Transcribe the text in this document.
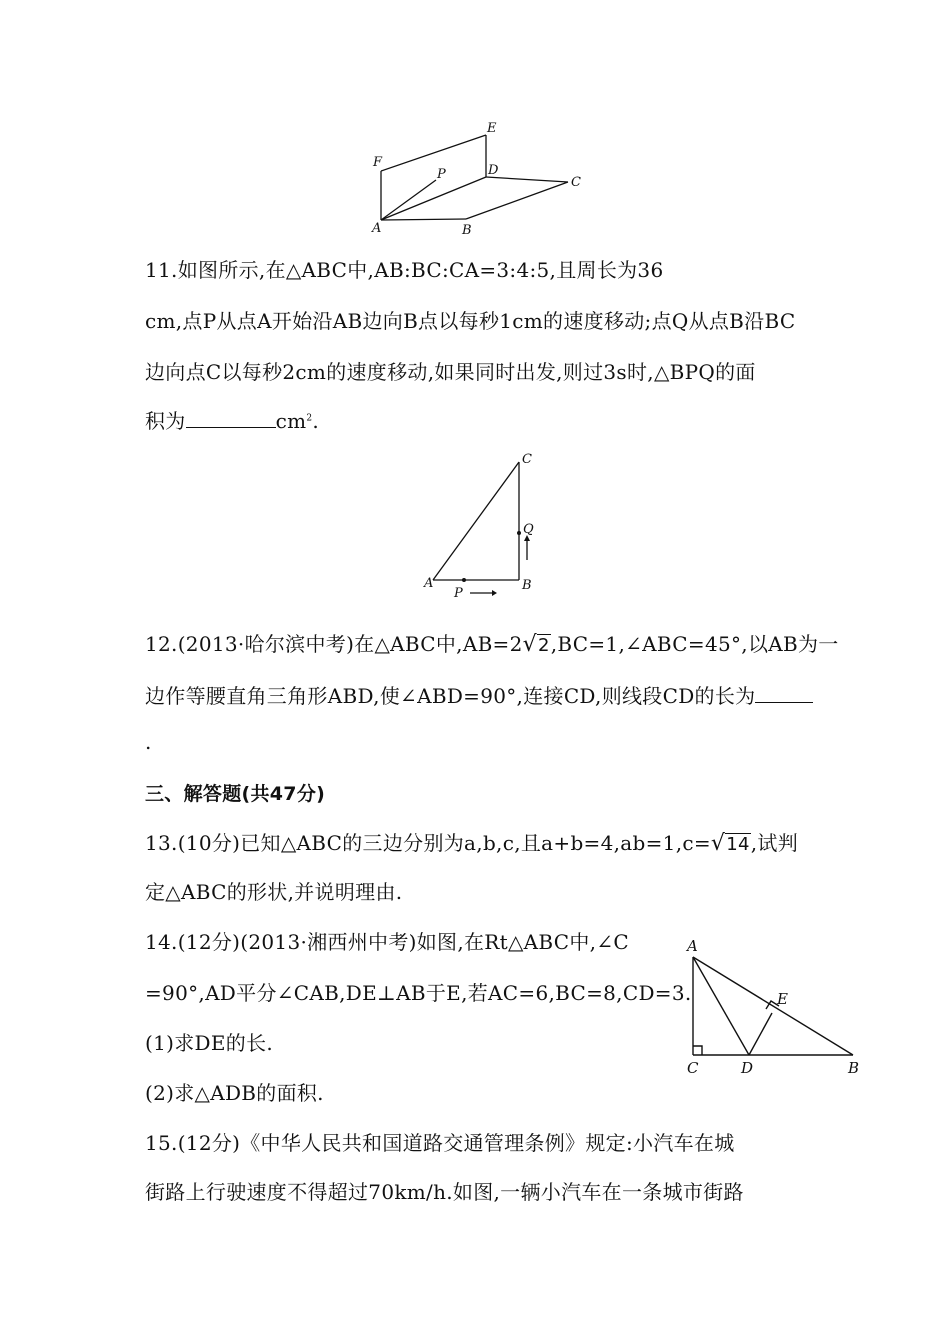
E
F
P	D
C
A	B
11.如图所示,在△ABC中,AB:BC:CA=3:4:5,且周长为36
cm,点P从点A开始沿AB边向B点以每秒1cm的速度移动;点Q从点B沿BC
边向点C以每秒2cm的速度移动,如果同时出发,则过3s时,△BPQ的面
积为	$cm^2$.
C
Q
A	B
P
12.(2013·哈尔滨中考)在△ABC中,AB=2√2,BC=1,∠ABC=45°,以AB为一
边作等腰直角三角形ABD,使∠ABD=90°,连接CD,则线段CD的长为
.
三、解答题(共47分)
13.(10分)已知△ABC的三边分别为a,b,c,且a+b=4,ab=1,c=√14,试判
定△ABC的形状,并说明理由.
14.(12分)(2013·湘西州中考)如图,在Rt△ABC中,∠C
=90°,AD平分∠CAB,DE⊥AB于E,若AC=6,BC=8,CD=3.
(1)求DE的长.
(2)求△ADB的面积.
A
E
C	D	B
15.(12分)《中华人民共和国道路交通管理条例》规定:小汽车在城
街路上行驶速度不得超过70km/h.如图,一辆小汽车在一条城市街路
